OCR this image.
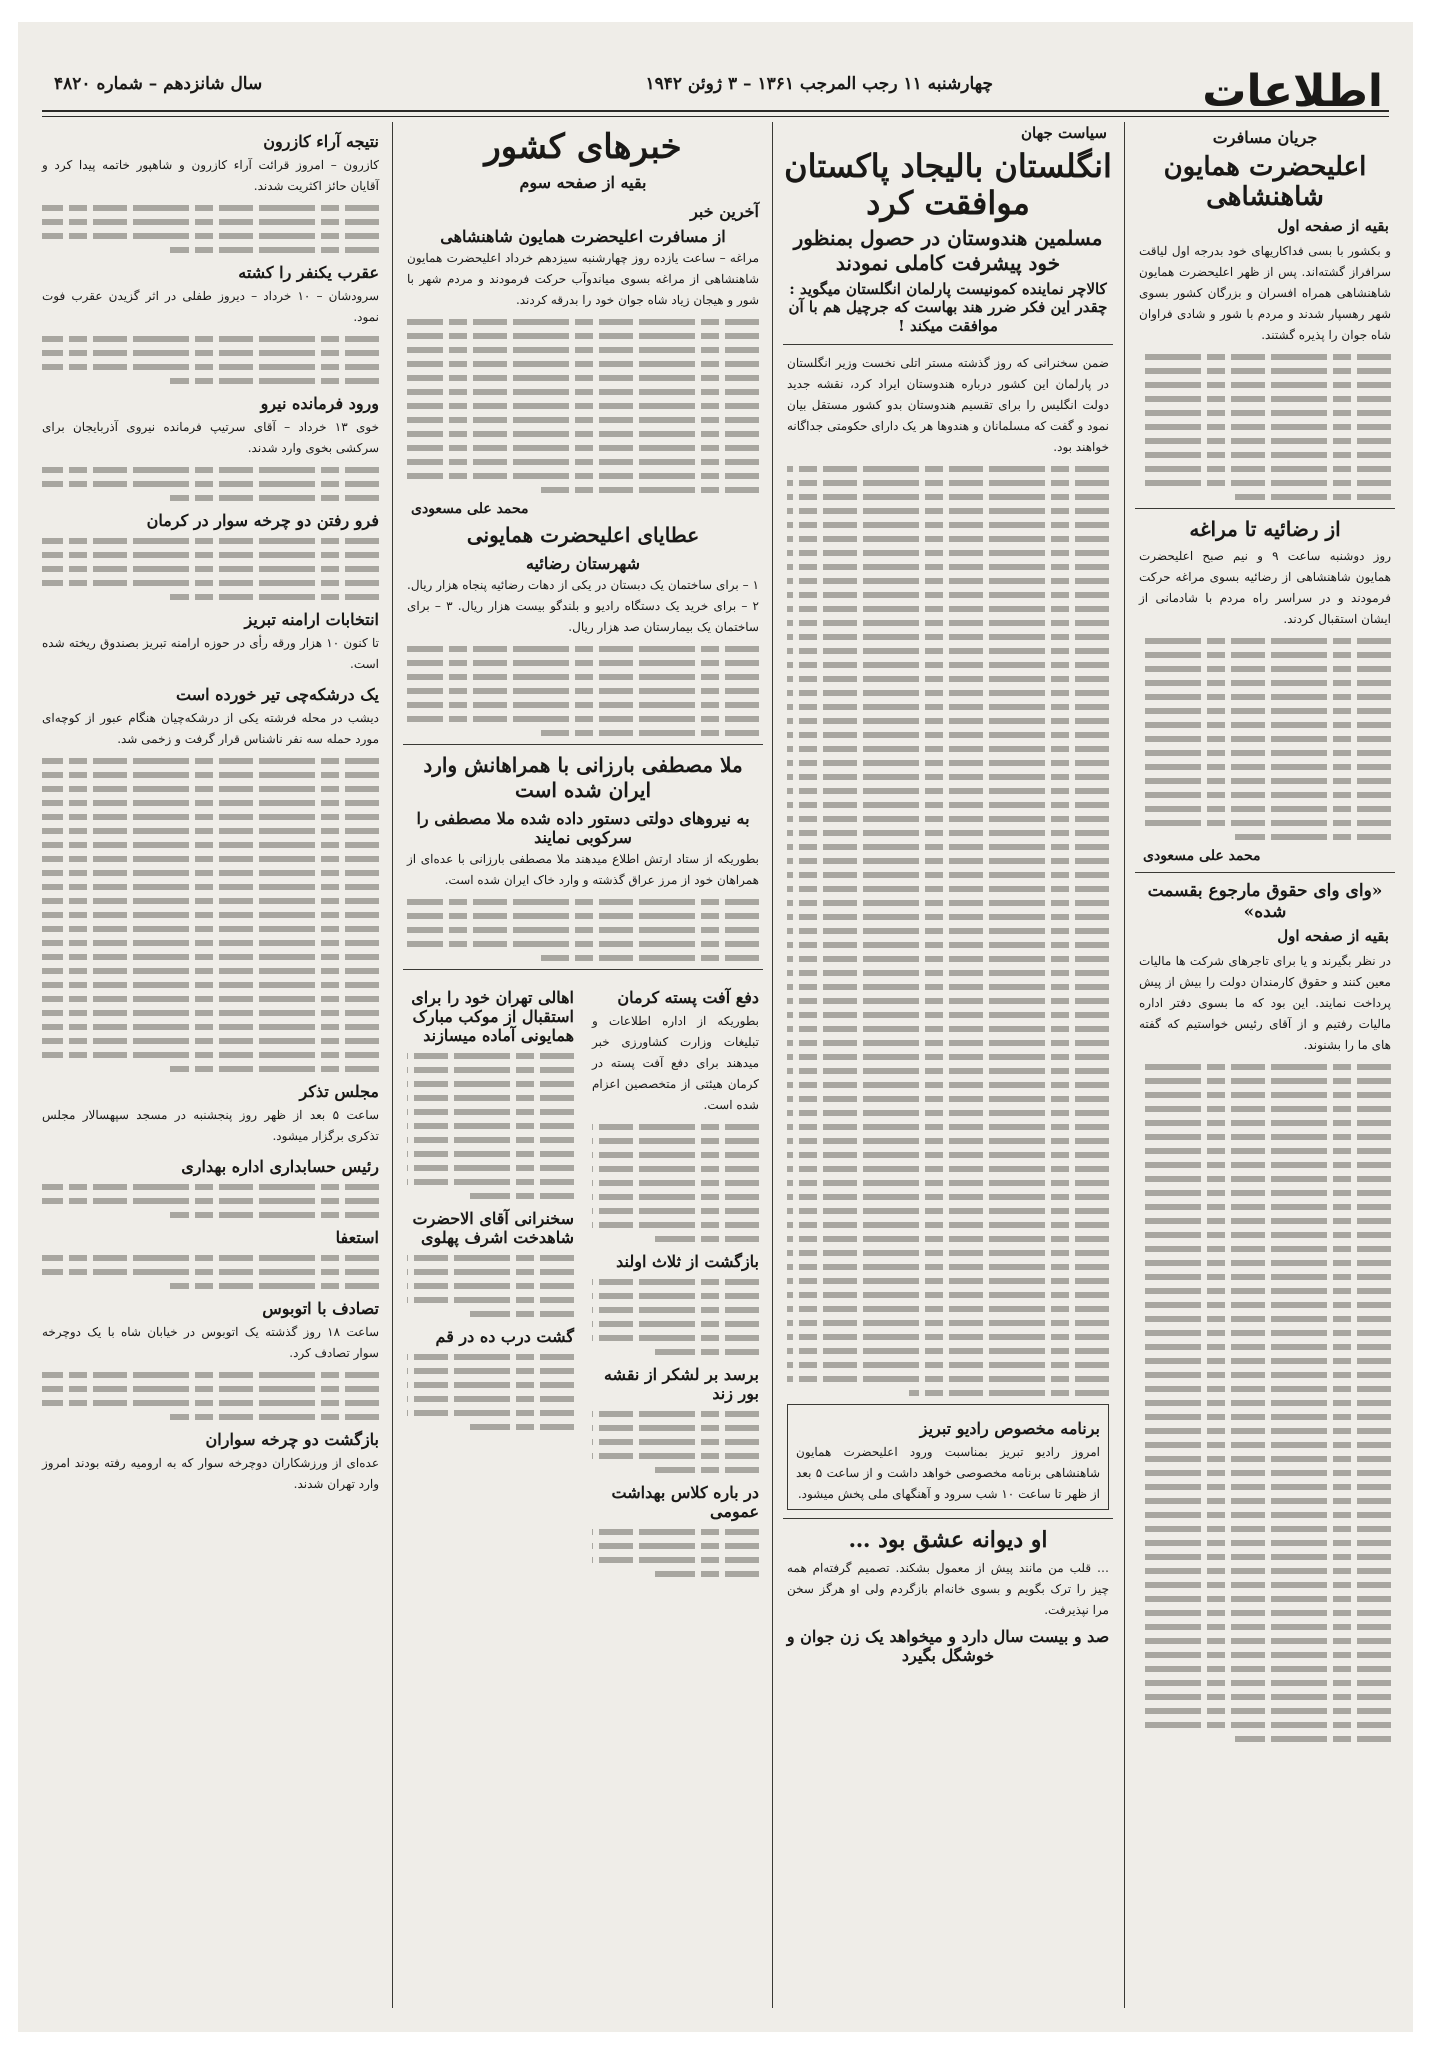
اطلاعات
چهارشنبه ۱۱ رجب المرجب ۱۳۶۱ – ۳ ژوئن ۱۹۴۲
سال شانزدهم – شماره ۴۸۲۰
جریان مسافرت
اعلیحضرت همایون شاهنشاهی
بقیه از صفحه اول
و بکشور با بسی فداکاریهای خود بدرجه اول لیاقت سرافراز گشته‌اند. پس از ظهر اعلیحضرت همایون شاهنشاهی همراه افسران و بزرگان کشور بسوی شهر رهسپار شدند و مردم با شور و شادی فراوان شاه جوان را پذیره گشتند.
از رضائیه تا مراغه
روز دوشنبه ساعت ۹ و نیم صبح اعلیحضرت همایون شاهنشاهی از رضائیه بسوی مراغه حرکت فرمودند و در سراسر راه مردم با شادمانی از ایشان استقبال کردند.
محمد علی مسعودی
«وای وای حقوق مارجوع بقسمت شده»
بقیه از صفحه اول
در نظر بگیرند و یا برای تاجرهای شرکت ها مالیات معین کنند و حقوق کارمندان دولت را بیش از پیش پرداخت نمایند. این بود که ما بسوی دفتر اداره مالیات رفتیم و از آقای رئیس خواستیم که گفته های ما را بشنوند.
سیاست جهان
انگلستان بالیجاد پاکستان موافقت کرد
مسلمین هندوستان در حصول بمنظور خود پیشرفت کاملی نمودند
کالاچر نماینده کمونیست پارلمان انگلستان میگوید : چقدر این فکر ضرر هند بهاست که جرچیل هم با آن موافقت میکند !
ضمن سخنرانی که روز گذشته مستر اتلی نخست وزیر انگلستان در پارلمان این کشور درباره هندوستان ایراد کرد، نقشه جدید دولت انگلیس را برای تقسیم هندوستان بدو کشور مستقل بیان نمود و گفت که مسلمانان و هندوها هر یک دارای حکومتی جداگانه خواهند بود.
برنامه مخصوص رادیو تبریز
امروز رادیو تبریز بمناسبت ورود اعلیحضرت همایون شاهنشاهی برنامه مخصوصی خواهد داشت و از ساعت ۵ بعد از ظهر تا ساعت ۱۰ شب سرود و آهنگهای ملی پخش میشود.
او دیوانه عشق بود …
… قلب من مانند پیش از معمول بشکند. تصمیم گرفته‌ام همه چیز را ترک بگویم و بسوی خانه‌ام بازگردم ولی او هرگز سخن مرا نپذیرفت.
صد و بیست سال دارد و میخواهد یک زن جوان و خوشگل بگیرد
خبرهای کشور
بقیه از صفحه سوم
آخرین خبر
از مسافرت اعلیحضرت همایون شاهنشاهی
مراغه – ساعت یازده روز چهارشنبه سیزدهم خرداد اعلیحضرت همایون شاهنشاهی از مراغه بسوی میاندوآب حرکت فرمودند و مردم شهر با شور و هیجان زیاد شاه جوان خود را بدرقه کردند.
محمد علی مسعودی
عطایای اعلیحضرت همایونی
شهرستان رضائیه
۱ – برای ساختمان یک دبستان در یکی از دهات رضائیه پنجاه هزار ریال. ۲ – برای خرید یک دستگاه رادیو و بلندگو بیست هزار ریال. ۳ – برای ساختمان یک بیمارستان صد هزار ریال.
ملا مصطفی بارزانی با همراهانش وارد ایران شده است
به نیروهای دولتی دستور داده شده ملا مصطفی را سرکوبی نمایند
بطوریکه از ستاد ارتش اطلاع میدهند ملا مصطفی بارزانی با عده‌ای از همراهان خود از مرز عراق گذشته و وارد خاک ایران شده است.
دفع آفت پسته کرمان
بطوریکه از اداره اطلاعات و تبلیغات وزارت کشاورزی خبر میدهند برای دفع آفت پسته در کرمان هیئتی از متخصصین اعزام شده است.
بازگشت از ثلاث اولند
برسد بر لشکر از نقشه بور زند
در باره کلاس بهداشت عمومی
اهالی تهران خود را برای استقبال از موکب مبارک همایونی آماده میسازند
سخنرانی آقای الاحضرت شاهدخت اشرف پهلوی
گشت درب ده در قم
نتیجه آراء کازرون
کازرون – امروز قرائت آراء کازرون و شاهپور خاتمه پیدا کرد و آقایان حائز اکثریت شدند.
عقرب یکنفر را کشته
سرودشان – ۱۰ خرداد – دیروز طفلی در اثر گزیدن عقرب فوت نمود.
ورود فرمانده نیرو
خوی ۱۳ خرداد – آقای سرتیپ فرمانده نیروی آذربایجان برای سرکشی بخوی وارد شدند.
فرو رفتن دو چرخه سوار در کرمان
انتخابات ارامنه تبریز
تا کنون ۱۰ هزار ورقه رأی در حوزه ارامنه تبریز بصندوق ریخته شده است.
یک درشکه‌چی تیر خورده است
دیشب در محله فرشته یکی از درشکه‌چیان هنگام عبور از کوچه‌ای مورد حمله سه نفر ناشناس قرار گرفت و زخمی شد.
مجلس تذکر
ساعت ۵ بعد از ظهر روز پنجشنبه در مسجد سپهسالار مجلس تذکری برگزار میشود.
رئیس حسابداری اداره بهداری
استعفا
تصادف با اتوبوس
ساعت ۱۸ روز گذشته یک اتوبوس در خیابان شاه با یک دوچرخه سوار تصادف کرد.
بازگشت دو چرخه سواران
عده‌ای از ورزشکاران دوچرخه سوار که به ارومیه رفته بودند امروز وارد تهران شدند.
